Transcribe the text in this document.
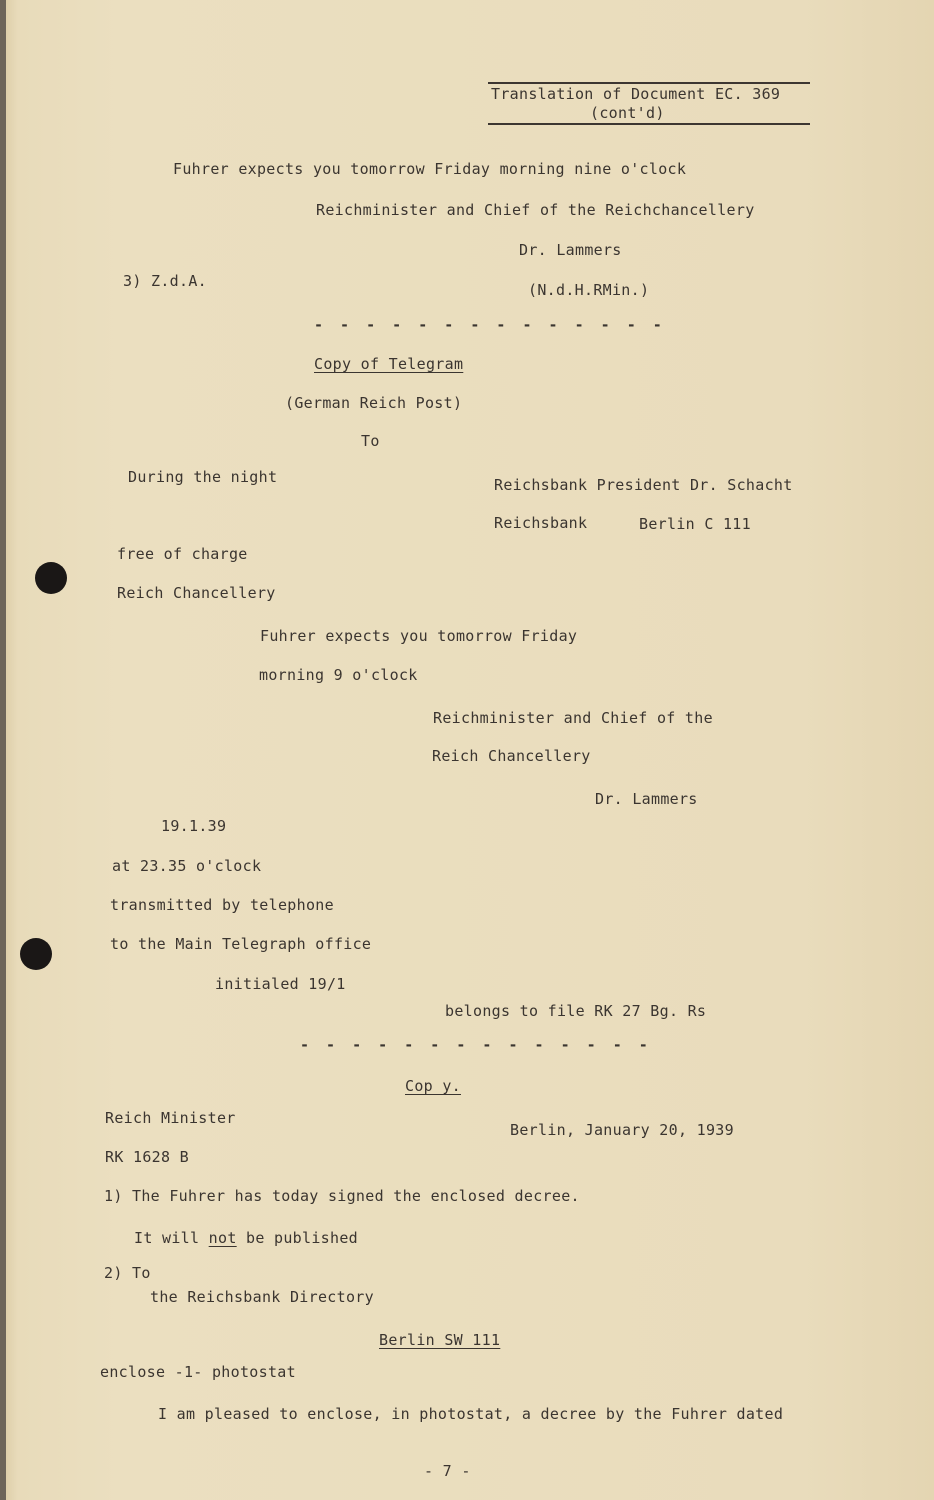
Translation of Document EC. 369
(cont'd)
Fuhrer expects you tomorrow Friday morning nine o'clock
Reichminister and Chief of the Reichchancellery
Dr. Lammers
3) Z.d.A.	(N.d.H.RMin.)
- - - - - - - - - - - - - -
Copy of Telegram
(German Reich Post)
To
During the night	Reichsbank President Dr. Schacht
Reichsbank	Berlin C 111
free of charge
Reich Chancellery
Fuhrer expects you tomorrow Friday
morning 9 o'clock
Reichminister and Chief of the
Reich Chancellery
Dr. Lammers
19.1.39
at 23.35 o'clock
transmitted by telephone
to the Main Telegraph office
initialed 19/1
belongs to file RK 27 Bg. Rs
- - - - - - - - - - - - - -
Cop y.
Reich Minister
Berlin, January 20, 1939
RK 1628 B
1) The Fuhrer has today signed the enclosed decree.
It will not be published
2) To
the Reichsbank Directory
Berlin SW 111
enclose -1- photostat
I am pleased to enclose, in photostat, a decree by the Fuhrer dated
- 7 -
